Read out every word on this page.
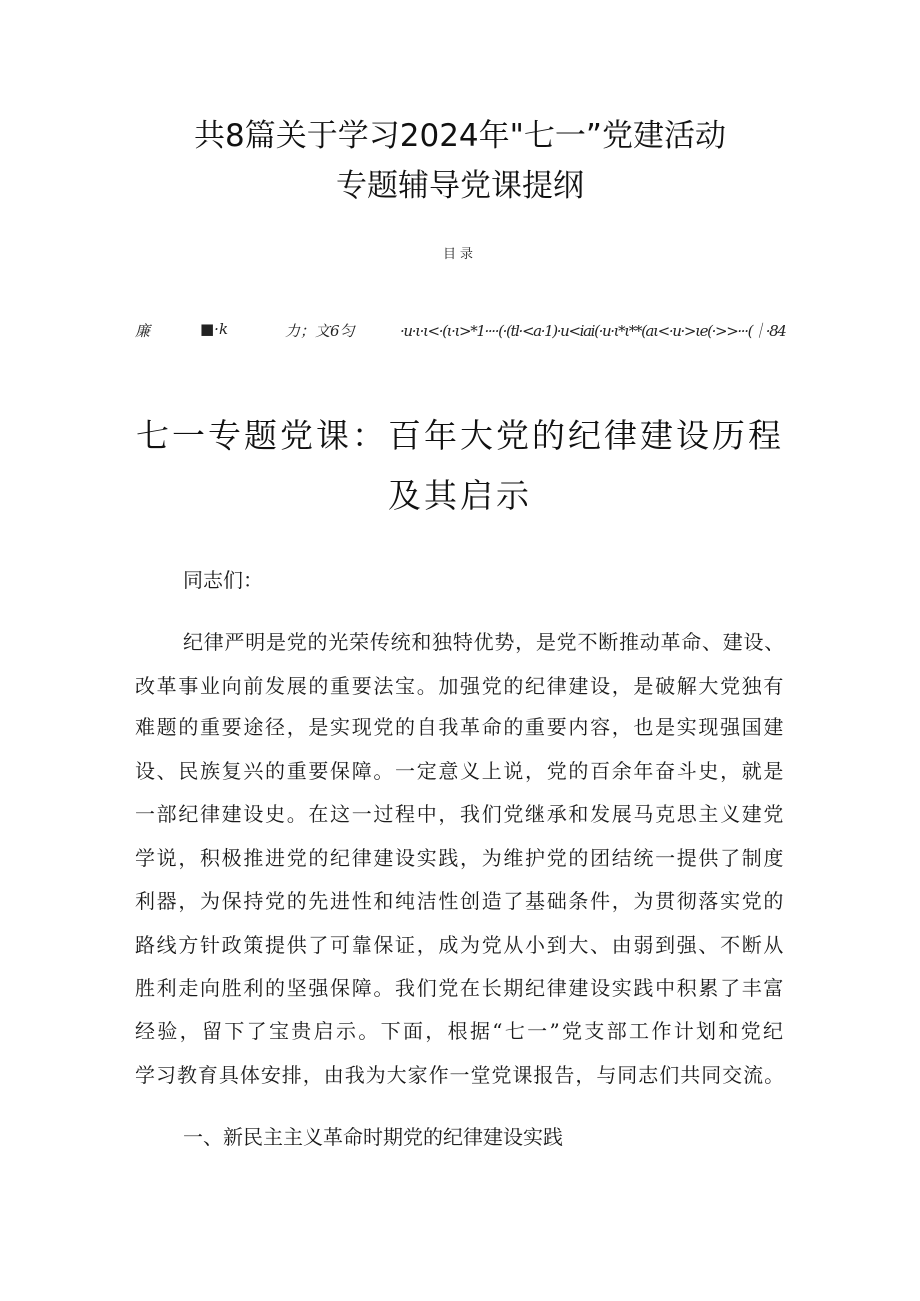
共8篇关于学习2024年"七一”党建活动
专题辅导党课提纲
目录
廉	■·k	力；文6匀	·u·ι·ι<·(ι·ι>*1····(·(tl·<a·1)·u<iai(·u·ι*ι**(aι<·u·>ιe(·>>···(｜·84
七一专题党课：百年大党的纪律建设历程
及其启示
同志们：
纪律严明是党的光荣传统和独特优势，是党不断推动革命、建设、
改革事业向前发展的重要法宝。加强党的纪律建设，是破解大党独有
难题的重要途径，是实现党的自我革命的重要内容，也是实现强国建
设、民族复兴的重要保障。一定意义上说，党的百余年奋斗史，就是
一部纪律建设史。在这一过程中，我们党继承和发展马克思主义建党
学说，积极推进党的纪律建设实践，为维护党的团结统一提供了制度
利器，为保持党的先进性和纯洁性创造了基础条件，为贯彻落实党的
路线方针政策提供了可靠保证，成为党从小到大、由弱到强、不断从
胜利走向胜利的坚强保障。我们党在长期纪律建设实践中积累了丰富
经验，留下了宝贵启示。下面，根据“七一”党支部工作计划和党纪
学习教育具体安排，由我为大家作一堂党课报告，与同志们共同交流。
一、新民主主义革命时期党的纪律建设实践
